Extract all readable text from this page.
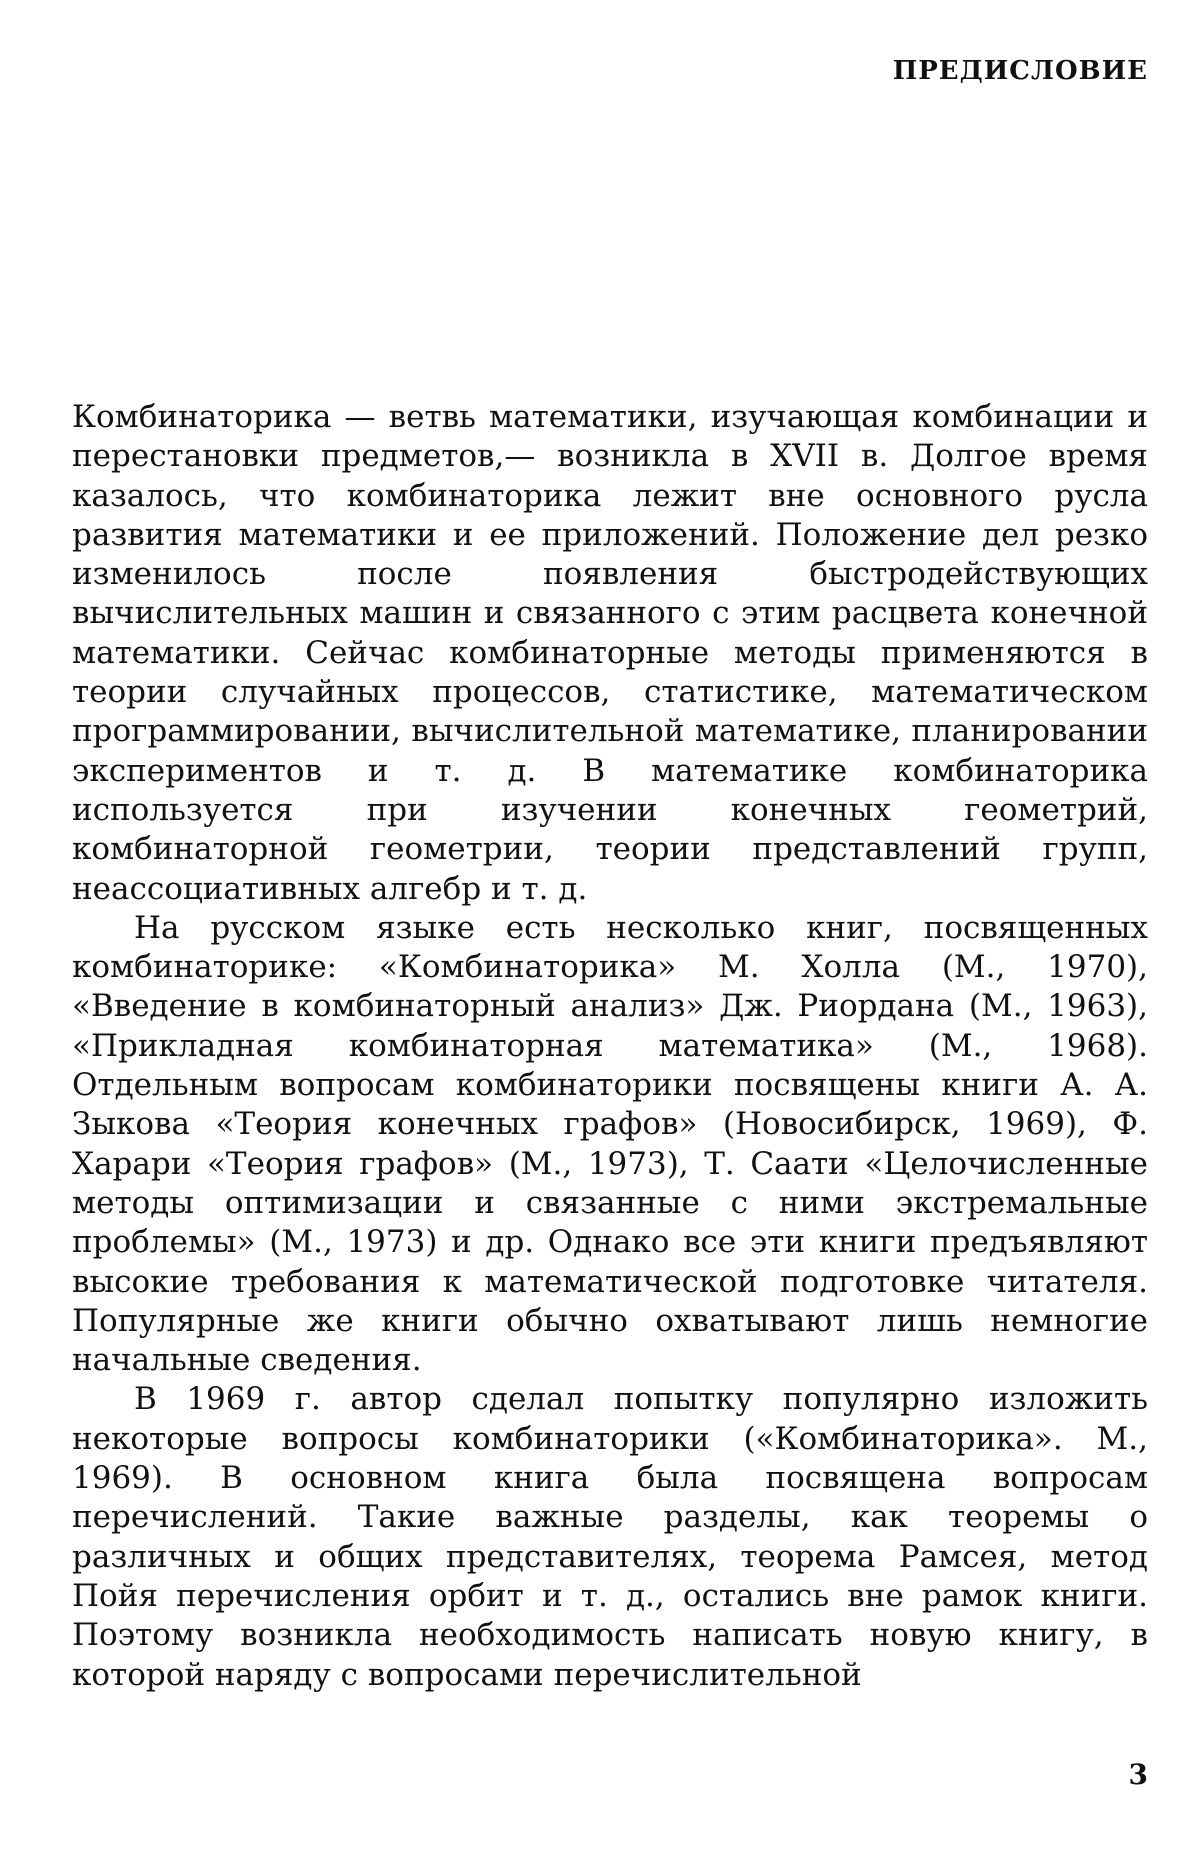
ПРЕДИСЛОВИЕ

Комбинаторика — ветвь математики, изучающая комбинации и перестановки предметов,— возникла в XVII в. Долгое время казалось, что комбинаторика лежит вне основного русла развития математики и ее приложений. Положение дел резко изменилось после появления быстродействующих вычислительных машин и связанного с этим расцвета конечной математики. Сейчас комбинаторные методы применяются в теории случайных процессов, статистике, математическом программировании, вычислительной математике, планировании экспериментов и т. д. В математике комбинаторика используется при изучении конечных геометрий, комбинаторной геометрии, теории представлений групп, неассоциативных алгебр и т. д.

На русском языке есть несколько книг, посвященных комбинаторике: «Комбинаторика» М. Холла (М., 1970), «Введение в комбинаторный анализ» Дж. Риордана (М., 1963), «Прикладная комбинаторная математика» (М., 1968). Отдельным вопросам комбинаторики посвящены книги А. А. Зыкова «Теория конечных графов» (Новосибирск, 1969), Ф. Харари «Теория графов» (М., 1973), Т. Саати «Целочисленные методы оптимизации и связанные с ними экстремальные проблемы» (М., 1973) и др. Однако все эти книги предъявляют высокие требования к математической подготовке читателя. Популярные же книги обычно охватывают лишь немногие начальные сведения.

В 1969 г. автор сделал попытку популярно изложить некоторые вопросы комбинаторики («Комбинаторика». М., 1969). В основном книга была посвящена вопросам перечислений. Такие важные разделы, как теоремы о различных и общих представителях, теорема Рамсея, метод Пойя перечисления орбит и т. д., остались вне рамок книги. Поэтому возникла необходимость написать новую книгу, в которой наряду с вопросами перечислительной

3
